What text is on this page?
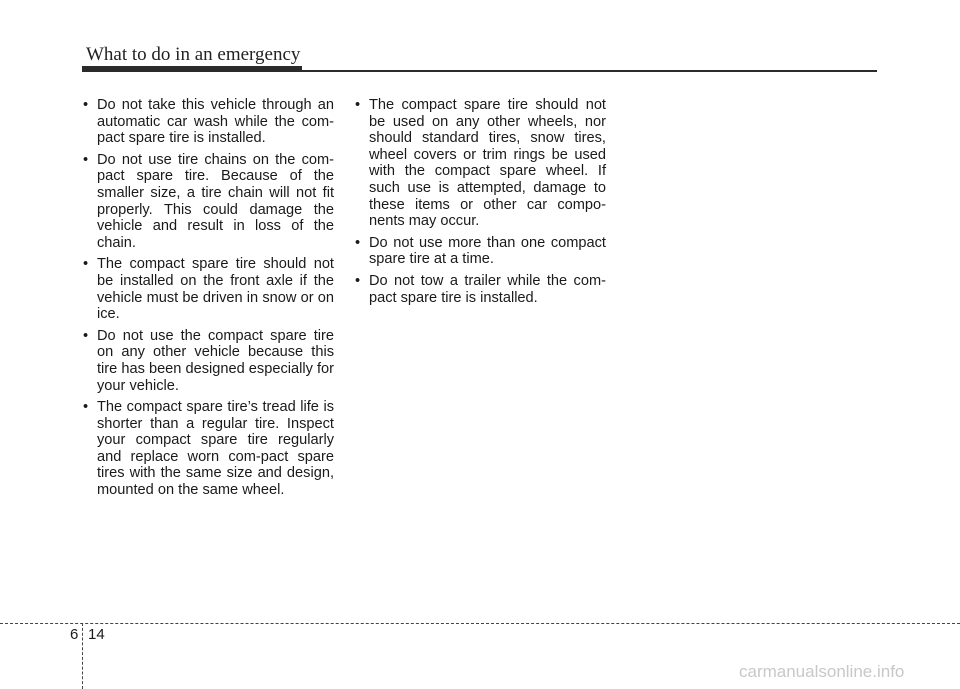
What to do in an emergency
• Do not take this vehicle through an automatic car wash while the com-pact spare tire is installed.
• Do not use tire chains on the com-pact spare tire. Because of the smaller size, a tire chain will not fit properly. This could damage the vehicle and result in loss of the chain.
• The compact spare tire should not be installed on the front axle if the vehicle must be driven in snow or on ice.
• Do not use the compact spare tire on any other vehicle because this tire has been designed especially for your vehicle.
• The compact spare tire’s tread life is shorter than a regular tire. Inspect your compact spare tire regularly and replace worn com-pact spare tires with the same size and design, mounted on the same wheel.
• The compact spare tire should not be used on any other wheels, nor should standard tires, snow tires, wheel covers or trim rings be used with the compact spare wheel. If such use is attempted, damage to these items or other car compo-nents may occur.
• Do not use more than one compact spare tire at a time.
• Do not tow a trailer while the com-pact spare tire is installed.
6 14
carmanualsonline.info
